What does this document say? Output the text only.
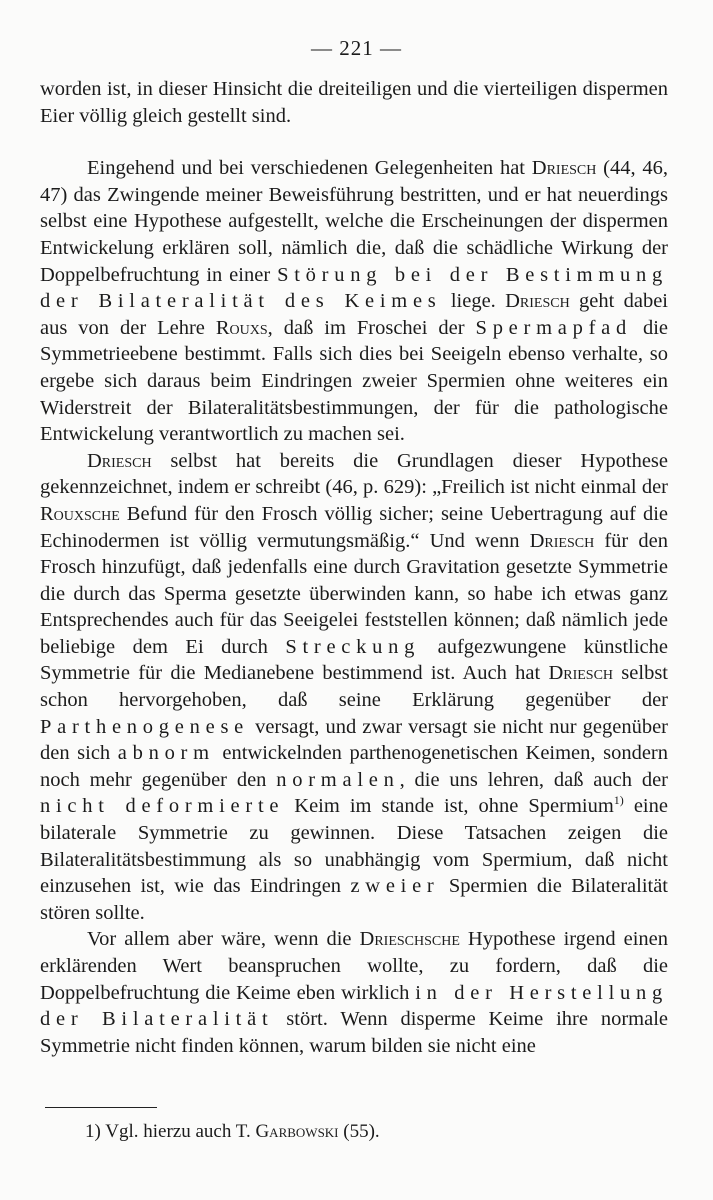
— 221 —

worden ist, in dieser Hinsicht die dreiteiligen und die vierteiligen dispermen Eier völlig gleich gestellt sind.

Eingehend und bei verschiedenen Gelegenheiten hat Driesch (44, 46, 47) das Zwingende meiner Beweisführung bestritten, und er hat neuerdings selbst eine Hypothese aufgestellt, welche die Erscheinungen der dispermen Entwickelung erklären soll, nämlich die, daß die schädliche Wirkung der Doppelbefruchtung in einer Störung bei der Bestimmung der Bilateralität des Keimes liege. Driesch geht dabei aus von der Lehre Rouxs, daß im Froschei der Spermapfad die Symmetrieebene bestimmt. Falls sich dies bei Seeigeln ebenso verhalte, so ergebe sich daraus beim Eindringen zweier Spermien ohne weiteres ein Widerstreit der Bilateralitätsbestimmungen, der für die pathologische Entwickelung verantwortlich zu machen sei.

Driesch selbst hat bereits die Grundlagen dieser Hypothese gekennzeichnet, indem er schreibt (46, p. 629): „Freilich ist nicht einmal der Rouxsche Befund für den Frosch völlig sicher; seine Uebertragung auf die Echinodermen ist völlig vermutungsmäßig.“ Und wenn Driesch für den Frosch hinzufügt, daß jedenfalls eine durch Gravitation gesetzte Symmetrie die durch das Sperma gesetzte überwinden kann, so habe ich etwas ganz Entsprechendes auch für das Seeigelei feststellen können; daß nämlich jede beliebige dem Ei durch Streckung aufgezwungene künstliche Symmetrie für die Medianebene bestimmend ist. Auch hat Driesch selbst schon hervorgehoben, daß seine Erklärung gegenüber der Parthenogenese versagt, und zwar versagt sie nicht nur gegenüber den sich abnorm entwickelnden parthenogenetischen Keimen, sondern noch mehr gegenüber den normalen, die uns lehren, daß auch der nicht deformierte Keim im stande ist, ohne Spermium$^{1)}$ eine bilaterale Symmetrie zu gewinnen. Diese Tatsachen zeigen die Bilateralitätsbestimmung als so unabhängig vom Spermium, daß nicht einzusehen ist, wie das Eindringen zweier Spermien die Bilateralität stören sollte.

Vor allem aber wäre, wenn die Drieschsche Hypothese irgend einen erklärenden Wert beanspruchen wollte, zu fordern, daß die Doppelbefruchtung die Keime eben wirklich in der Herstellung der Bilateralität stört. Wenn disperme Keime ihre normale Symmetrie nicht finden können, warum bilden sie nicht eine

1) Vgl. hierzu auch T. Garbowski (55).
